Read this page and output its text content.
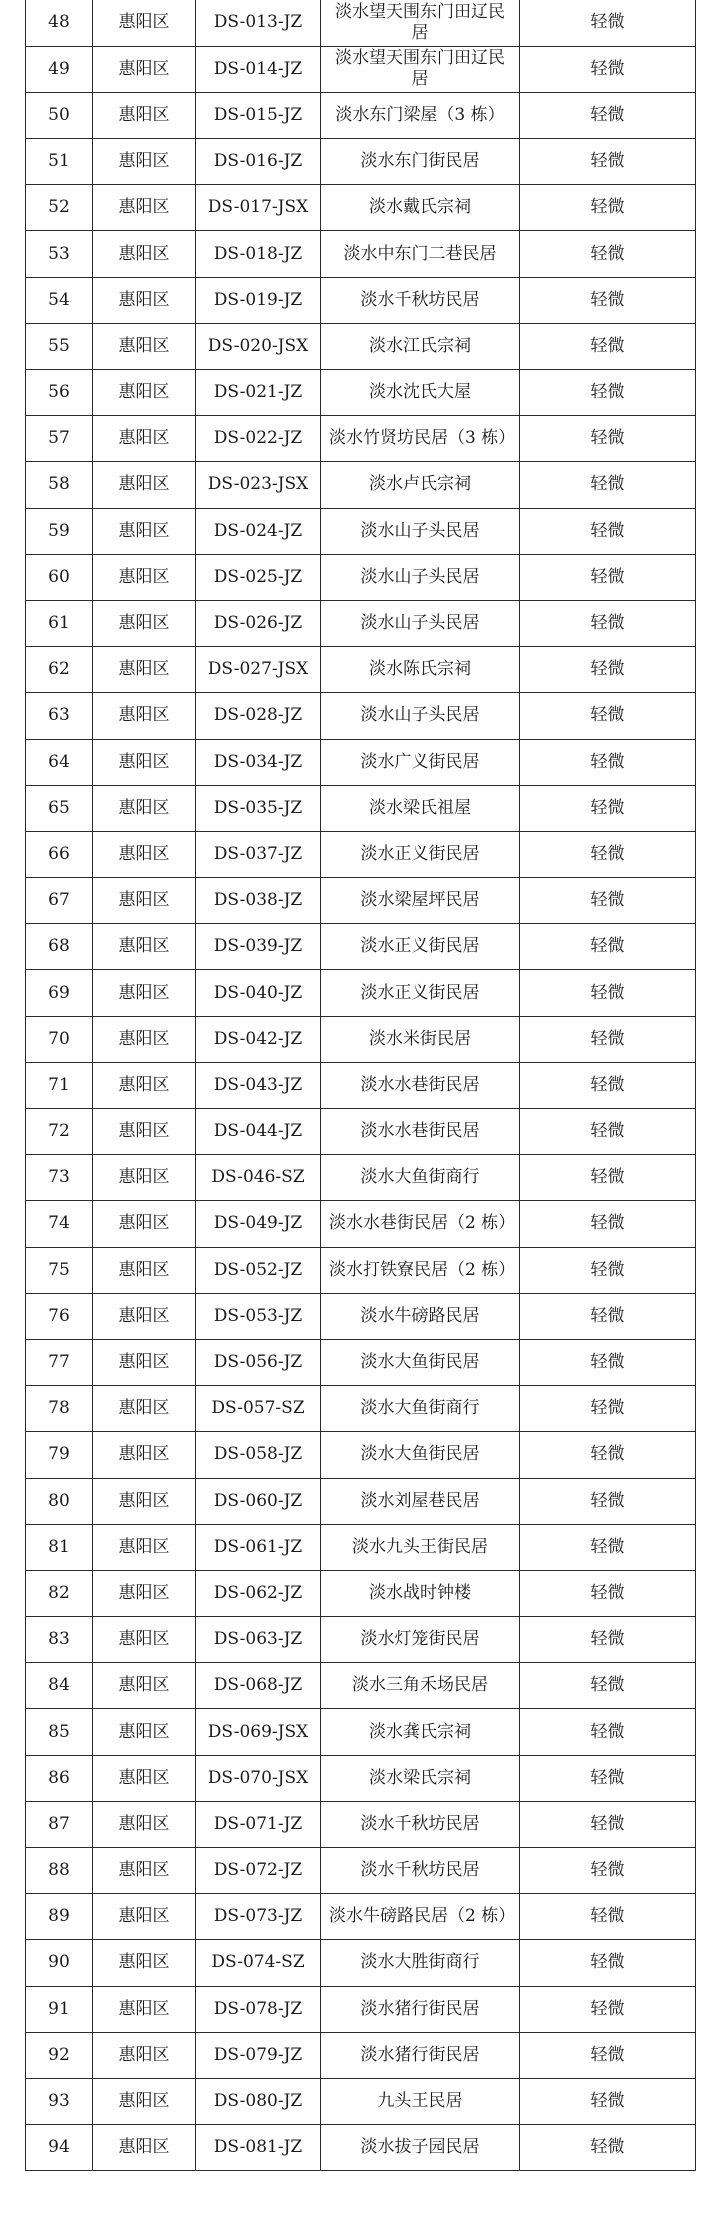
48	惠阳区	DS-013-JZ	淡水望天围东门田辽民居	轻微
49	惠阳区	DS-014-JZ	淡水望天围东门田辽民居	轻微
50	惠阳区	DS-015-JZ	淡水东门梁屋（3 栋）	轻微
51	惠阳区	DS-016-JZ	淡水东门街民居	轻微
52	惠阳区	DS-017-JSX	淡水戴氏宗祠	轻微
53	惠阳区	DS-018-JZ	淡水中东门二巷民居	轻微
54	惠阳区	DS-019-JZ	淡水千秋坊民居	轻微
55	惠阳区	DS-020-JSX	淡水江氏宗祠	轻微
56	惠阳区	DS-021-JZ	淡水沈氏大屋	轻微
57	惠阳区	DS-022-JZ	淡水竹贤坊民居（3 栋）	轻微
58	惠阳区	DS-023-JSX	淡水卢氏宗祠	轻微
59	惠阳区	DS-024-JZ	淡水山子头民居	轻微
60	惠阳区	DS-025-JZ	淡水山子头民居	轻微
61	惠阳区	DS-026-JZ	淡水山子头民居	轻微
62	惠阳区	DS-027-JSX	淡水陈氏宗祠	轻微
63	惠阳区	DS-028-JZ	淡水山子头民居	轻微
64	惠阳区	DS-034-JZ	淡水广义街民居	轻微
65	惠阳区	DS-035-JZ	淡水梁氏祖屋	轻微
66	惠阳区	DS-037-JZ	淡水正义街民居	轻微
67	惠阳区	DS-038-JZ	淡水梁屋坪民居	轻微
68	惠阳区	DS-039-JZ	淡水正义街民居	轻微
69	惠阳区	DS-040-JZ	淡水正义街民居	轻微
70	惠阳区	DS-042-JZ	淡水米街民居	轻微
71	惠阳区	DS-043-JZ	淡水水巷街民居	轻微
72	惠阳区	DS-044-JZ	淡水水巷街民居	轻微
73	惠阳区	DS-046-SZ	淡水大鱼街商行	轻微
74	惠阳区	DS-049-JZ	淡水水巷街民居（2 栋）	轻微
75	惠阳区	DS-052-JZ	淡水打铁寮民居（2 栋）	轻微
76	惠阳区	DS-053-JZ	淡水牛磅路民居	轻微
77	惠阳区	DS-056-JZ	淡水大鱼街民居	轻微
78	惠阳区	DS-057-SZ	淡水大鱼街商行	轻微
79	惠阳区	DS-058-JZ	淡水大鱼街民居	轻微
80	惠阳区	DS-060-JZ	淡水刘屋巷民居	轻微
81	惠阳区	DS-061-JZ	淡水九头王街民居	轻微
82	惠阳区	DS-062-JZ	淡水战时钟楼	轻微
83	惠阳区	DS-063-JZ	淡水灯笼街民居	轻微
84	惠阳区	DS-068-JZ	淡水三角禾场民居	轻微
85	惠阳区	DS-069-JSX	淡水龚氏宗祠	轻微
86	惠阳区	DS-070-JSX	淡水梁氏宗祠	轻微
87	惠阳区	DS-071-JZ	淡水千秋坊民居	轻微
88	惠阳区	DS-072-JZ	淡水千秋坊民居	轻微
89	惠阳区	DS-073-JZ	淡水牛磅路民居（2 栋）	轻微
90	惠阳区	DS-074-SZ	淡水大胜街商行	轻微
91	惠阳区	DS-078-JZ	淡水猪行街民居	轻微
92	惠阳区	DS-079-JZ	淡水猪行街民居	轻微
93	惠阳区	DS-080-JZ	九头王民居	轻微
94	惠阳区	DS-081-JZ	淡水拔子园民居	轻微
